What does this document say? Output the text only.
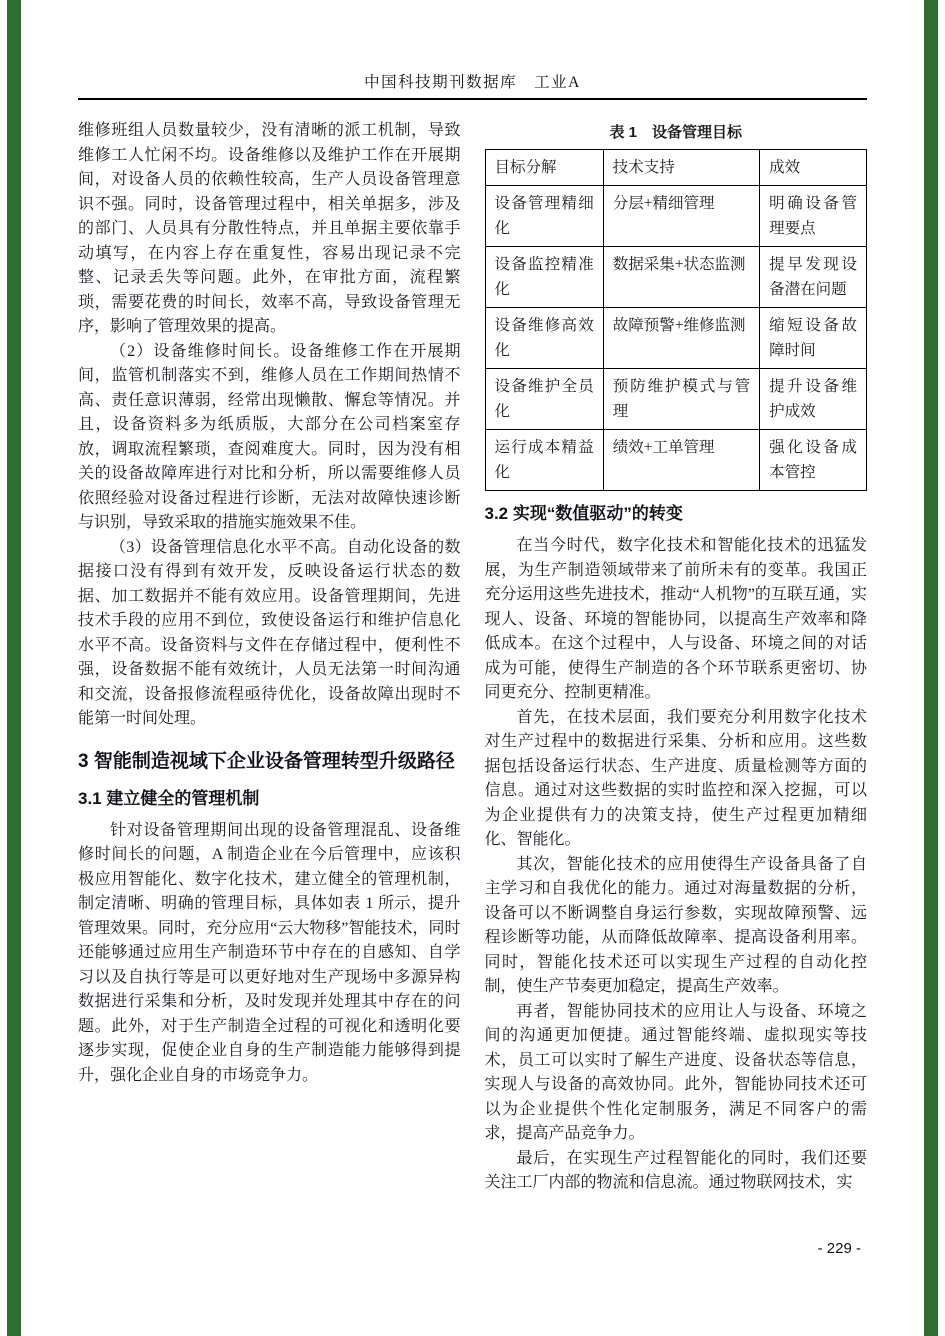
中国科技期刊数据库　工业A

维修班组人员数量较少，没有清晰的派工机制，导致维修工人忙闲不均。设备维修以及维护工作在开展期间，对设备人员的依赖性较高，生产人员设备管理意识不强。同时，设备管理过程中，相关单据多，涉及的部门、人员具有分散性特点，并且单据主要依靠手动填写，在内容上存在重复性，容易出现记录不完整、记录丢失等问题。此外，在审批方面，流程繁琐，需要花费的时间长，效率不高，导致设备管理无序，影响了管理效果的提高。

（2）设备维修时间长。设备维修工作在开展期间，监管机制落实不到，维修人员在工作期间热情不高、责任意识薄弱，经常出现懒散、懈怠等情况。并且，设备资料多为纸质版，大部分在公司档案室存放，调取流程繁琐，查阅难度大。同时，因为没有相关的设备故障库进行对比和分析，所以需要维修人员依照经验对设备过程进行诊断，无法对故障快速诊断与识别，导致采取的措施实施效果不佳。

（3）设备管理信息化水平不高。自动化设备的数据接口没有得到有效开发，反映设备运行状态的数据、加工数据并不能有效应用。设备管理期间，先进技术手段的应用不到位，致使设备运行和维护信息化水平不高。设备资料与文件在存储过程中，便利性不强，设备数据不能有效统计，人员无法第一时间沟通和交流，设备报修流程亟待优化，设备故障出现时不能第一时间处理。

3 智能制造视域下企业设备管理转型升级路径
3.1 建立健全的管理机制

针对设备管理期间出现的设备管理混乱、设备维修时间长的问题，A 制造企业在今后管理中，应该积极应用智能化、数字化技术，建立健全的管理机制，制定清晰、明确的管理目标，具体如表 1 所示，提升管理效果。同时，充分应用“云大物移”智能技术，同时还能够通过应用生产制造环节中存在的自感知、自学习以及自执行等是可以更好地对生产现场中多源异构数据进行采集和分析，及时发现并处理其中存在的问题。此外，对于生产制造全过程的可视化和透明化要逐步实现，促使企业自身的生产制造能力能够得到提升，强化企业自身的市场竞争力。

表 1　设备管理目标
目标分解	技术支持	成效
设备管理精细化	分层+精细管理	明确设备管理要点
设备监控精准化	数据采集+状态监测	提早发现设备潜在问题
设备维修高效化	故障预警+维修监测	缩短设备故障时间
设备维护全员化	预防维护模式与管理	提升设备维护成效
运行成本精益化	绩效+工单管理	强化设备成本管控
3.2 实现“数值驱动”的转变

在当今时代，数字化技术和智能化技术的迅猛发展，为生产制造领域带来了前所未有的变革。我国正充分运用这些先进技术，推动“人机物”的互联互通，实现人、设备、环境的智能协同，以提高生产效率和降低成本。在这个过程中，人与设备、环境之间的对话成为可能，使得生产制造的各个环节联系更密切、协同更充分、控制更精准。

首先，在技术层面，我们要充分利用数字化技术对生产过程中的数据进行采集、分析和应用。这些数据包括设备运行状态、生产进度、质量检测等方面的信息。通过对这些数据的实时监控和深入挖掘，可以为企业提供有力的决策支持，使生产过程更加精细化、智能化。

其次，智能化技术的应用使得生产设备具备了自主学习和自我优化的能力。通过对海量数据的分析，设备可以不断调整自身运行参数，实现故障预警、远程诊断等功能，从而降低故障率、提高设备利用率。同时，智能化技术还可以实现生产过程的自动化控制，使生产节奏更加稳定，提高生产效率。

再者，智能协同技术的应用让人与设备、环境之间的沟通更加便捷。通过智能终端、虚拟现实等技术，员工可以实时了解生产进度、设备状态等信息，实现人与设备的高效协同。此外，智能协同技术还可以为企业提供个性化定制服务，满足不同客户的需求，提高产品竞争力。

最后，在实现生产过程智能化的同时，我们还要关注工厂内部的物流和信息流。通过物联网技术，实

- 229 -
